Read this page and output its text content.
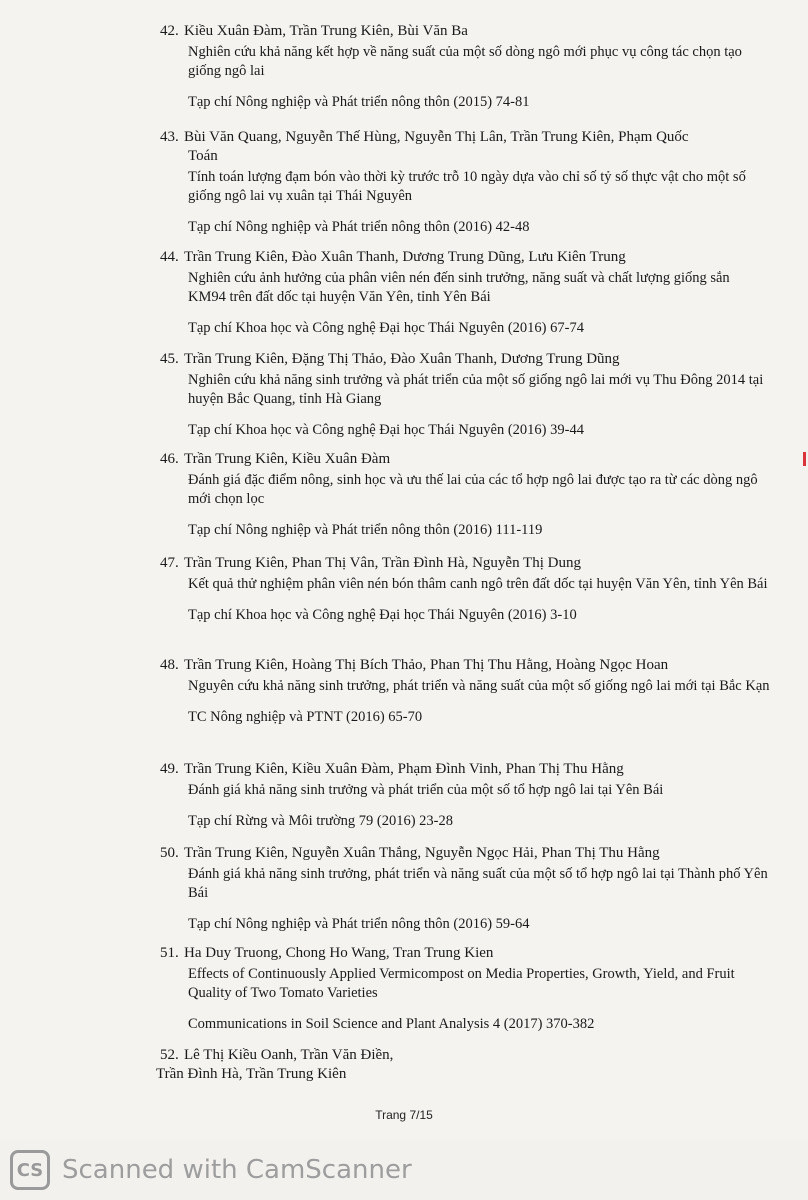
42. Kiều Xuân Đàm, Trần Trung Kiên, Bùi Văn Ba
Nghiên cứu khả năng kết hợp về năng suất của một số dòng ngô mới phục vụ công tác chọn tạo giống ngô lai
Tạp chí Nông nghiệp và Phát triển nông thôn (2015) 74-81
43. Bùi Văn Quang, Nguyễn Thế Hùng, Nguyễn Thị Lân, Trần Trung Kiên, Phạm Quốc
Toán
Tính toán lượng đạm bón vào thời kỳ trước trỗ 10 ngày dựa vào chỉ số tỷ số thực vật cho một số giống ngô lai vụ xuân tại Thái Nguyên
Tạp chí Nông nghiệp và Phát triển nông thôn (2016) 42-48
44. Trần Trung Kiên, Đào Xuân Thanh, Dương Trung Dũng, Lưu Kiên Trung
Nghiên cứu ảnh hưởng của phân viên nén đến sinh trưởng, năng suất và chất lượng giống sắn KM94 trên đất dốc tại huyện Văn Yên, tỉnh Yên Bái
Tạp chí Khoa học và Công nghệ Đại học Thái Nguyên (2016) 67-74
45. Trần Trung Kiên, Đặng Thị Thảo, Đào Xuân Thanh, Dương Trung Dũng
Nghiên cứu khả năng sinh trưởng và phát triển của một số giống ngô lai mới vụ Thu Đông 2014 tại huyện Bắc Quang, tỉnh Hà Giang
Tạp chí Khoa học và Công nghệ Đại học Thái Nguyên (2016) 39-44
46. Trần Trung Kiên, Kiều Xuân Đàm
Đánh giá đặc điểm nông, sinh học và ưu thế lai của các tổ hợp ngô lai được tạo ra từ các dòng ngô mới chọn lọc
Tạp chí Nông nghiệp và Phát triển nông thôn (2016) 111-119
47. Trần Trung Kiên, Phan Thị Vân, Trần Đình Hà, Nguyễn Thị Dung
Kết quả thử nghiệm phân viên nén bón thâm canh ngô trên đất dốc tại huyện Văn Yên, tỉnh Yên Bái
Tạp chí Khoa học và Công nghệ Đại học Thái Nguyên (2016) 3-10
48. Trần Trung Kiên, Hoàng Thị Bích Thảo, Phan Thị Thu Hằng, Hoàng Ngọc Hoan
Nguyên cứu khả năng sinh trưởng, phát triển và năng suất của một số giống ngô lai mới tại Bắc Kạn
TC Nông nghiệp và PTNT (2016) 65-70
49. Trần Trung Kiên, Kiều Xuân Đàm, Phạm Đình Vinh, Phan Thị Thu Hằng
Đánh giá khả năng sinh trưởng và phát triển của một số tổ hợp ngô lai tại Yên Bái
Tạp chí Rừng và Môi trường 79 (2016) 23-28
50. Trần Trung Kiên, Nguyễn Xuân Thắng, Nguyễn Ngọc Hải, Phan Thị Thu Hằng
Đánh giá khả năng sinh trưởng, phát triển và năng suất của một số tổ hợp ngô lai tại Thành phố Yên Bái
Tạp chí Nông nghiệp và Phát triển nông thôn (2016) 59-64
51. Ha Duy Truong, Chong Ho Wang, Tran Trung Kien
Effects of Continuously Applied Vermicompost on Media Properties, Growth, Yield, and Fruit Quality of Two Tomato Varieties
Communications in Soil Science and Plant Analysis 4 (2017) 370-382
52. Lê Thị Kiều Oanh, Trần Văn Điền,
Trần Đình Hà, Trần Trung Kiên
Trang 7/15
CS Scanned with CamScanner
